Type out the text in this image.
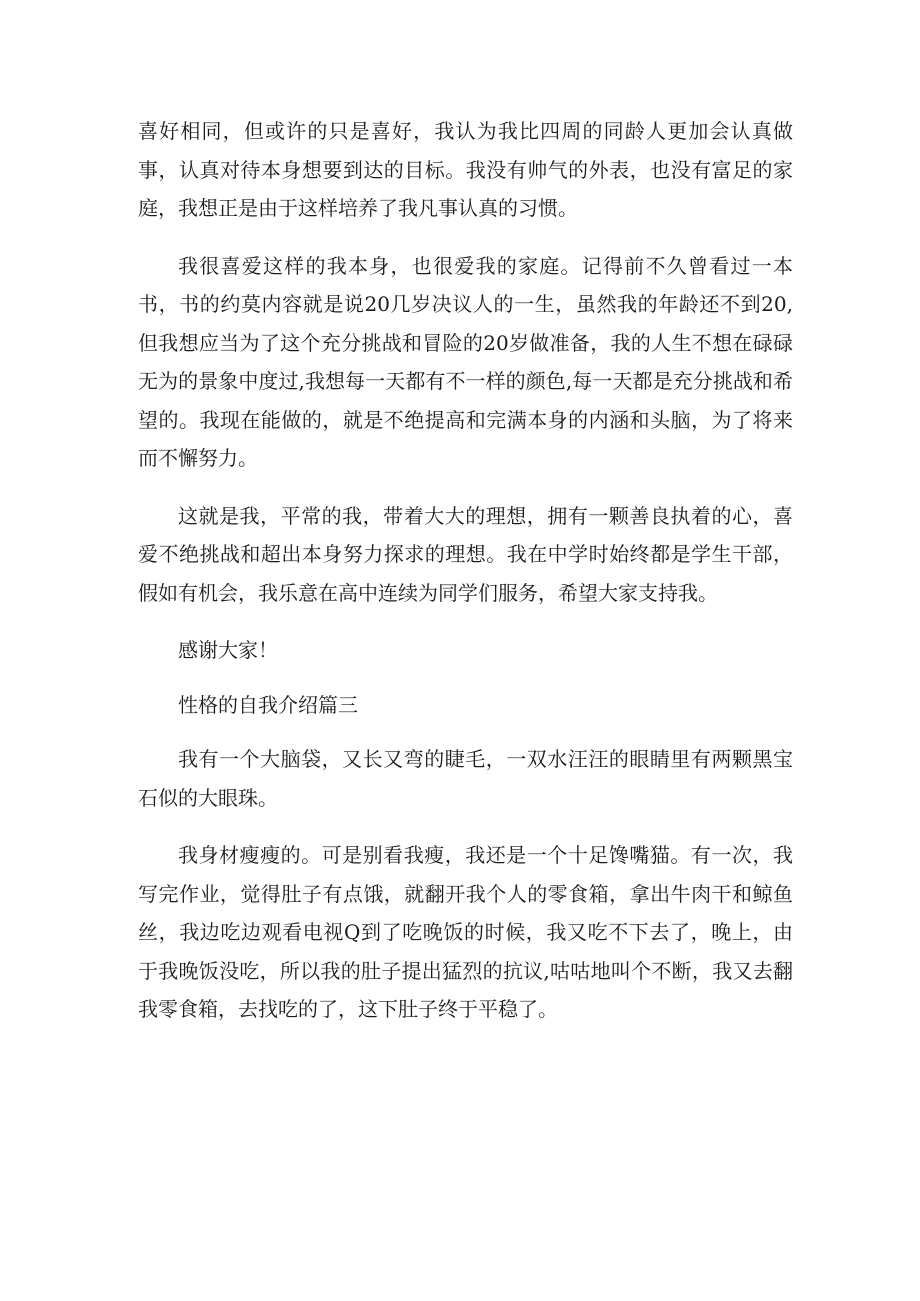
喜好相同，但或许的只是喜好，我认为我比四周的同龄人更加会认真做事，认真对待本身想要到达的目标。我没有帅气的外表，也没有富足的家庭，我想正是由于这样培养了我凡事认真的习惯。

我很喜爱这样的我本身，也很爱我的家庭。记得前不久曾看过一本书，书的约莫内容就是说20几岁决议人的一生，虽然我的年龄还不到20,但我想应当为了这个充分挑战和冒险的20岁做准备，我的人生不想在碌碌无为的景象中度过,我想每一天都有不一样的颜色,每一天都是充分挑战和希望的。我现在能做的，就是不绝提高和完满本身的内涵和头脑，为了将来而不懈努力。

这就是我，平常的我，带着大大的理想，拥有一颗善良执着的心，喜爱不绝挑战和超出本身努力探求的理想。我在中学时始终都是学生干部，假如有机会，我乐意在高中连续为同学们服务，希望大家支持我。

感谢大家！

性格的自我介绍篇三

我有一个大脑袋，又长又弯的睫毛，一双水汪汪的眼睛里有两颗黑宝石似的大眼珠。

我身材瘦瘦的。可是别看我瘦，我还是一个十足馋嘴猫。有一次，我写完作业，觉得肚子有点饿，就翻开我个人的零食箱，拿出牛肉干和鲸鱼丝，我边吃边观看电视Q到了吃晚饭的时候，我又吃不下去了，晚上，由于我晚饭没吃，所以我的肚子提出猛烈的抗议,咕咕地叫个不断，我又去翻我零食箱，去找吃的了，这下肚子终于平稳了。
